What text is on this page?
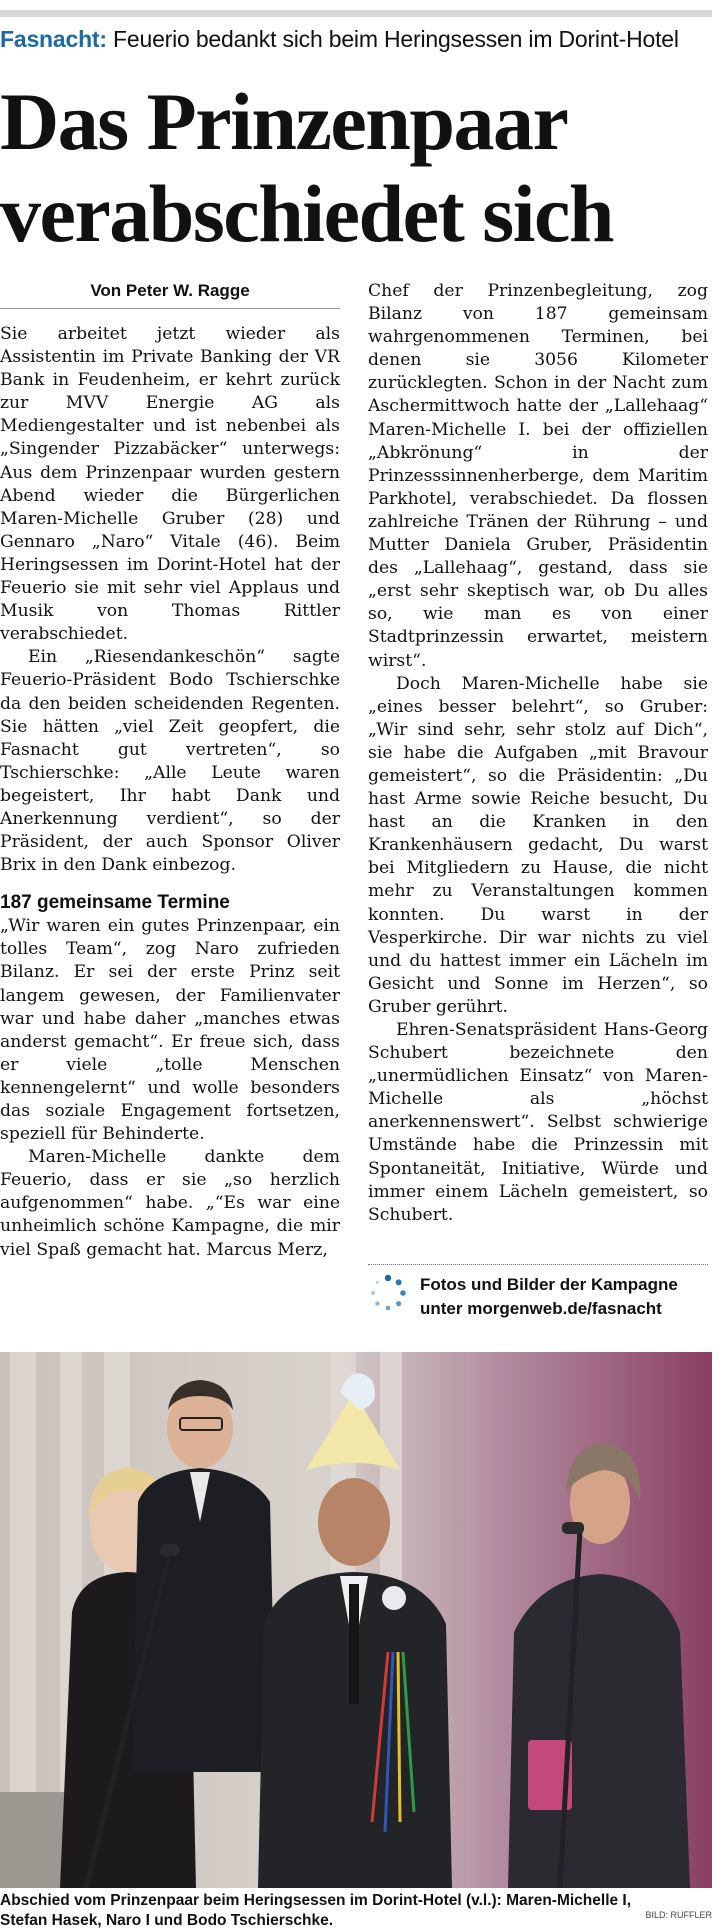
Fasnacht: Feuerio bedankt sich beim Heringsessen im Dorint-Hotel
Das Prinzenpaar
verabschiedet sich
Von Peter W. Ragge

Sie arbeitet jetzt wieder als Assistentin im Private Banking der VR Bank in Feudenheim, er kehrt zurück zur MVV Energie AG als Mediengestalter und ist nebenbei als „Singender Pizzabäcker“ unterwegs: Aus dem Prinzenpaar wurden gestern Abend wieder die Bürgerlichen Maren-Michelle Gruber (28) und Gennaro „Naro“ Vitale (46). Beim Heringsessen im Dorint-Hotel hat der Feuerio sie mit sehr viel Applaus und Musik von Thomas Rittler verabschiedet.

Ein „Riesendankeschön“ sagte Feuerio-Präsident Bodo Tschierschke da den beiden scheidenden Regenten. Sie hätten „viel Zeit geopfert, die Fasnacht gut vertreten“, so Tschierschke: „Alle Leute waren begeistert, Ihr habt Dank und Anerkennung verdient“, so der Präsident, der auch Sponsor Oliver Brix in den Dank einbezog.

187 gemeinsame Termine

„Wir waren ein gutes Prinzenpaar, ein tolles Team“, zog Naro zufrieden Bilanz. Er sei der erste Prinz seit langem gewesen, der Familienvater war und habe daher „manches etwas anderst gemacht“. Er freue sich, dass er viele „tolle Menschen kennengelernt“ und wolle besonders das soziale Engagement fortsetzen, speziell für Behinderte.

Maren-Michelle dankte dem Feuerio, dass er sie „so herzlich aufgenommen“ habe. „“Es war eine unheimlich schöne Kampagne, die mir viel Spaß gemacht hat. Marcus Merz,

Chef der Prinzenbegleitung, zog Bilanz von 187 gemeinsam wahrgenommenen Terminen, bei denen sie 3056 Kilometer zurücklegten. Schon in der Nacht zum Aschermittwoch hatte der „Lallehaag“ Maren-Michelle I. bei der offiziellen „Abkrönung“ in der Prinzesssinnenherberge, dem Maritim Parkhotel, verabschiedet. Da flossen zahlreiche Tränen der Rührung – und Mutter Daniela Gruber, Präsidentin des „Lallehaag“, gestand, dass sie „erst sehr skeptisch war, ob Du alles so, wie man es von einer Stadtprinzessin erwartet, meistern wirst“.

Doch Maren-Michelle habe sie „eines besser belehrt“, so Gruber: „Wir sind sehr, sehr stolz auf Dich“, sie habe die Aufgaben „mit Bravour gemeistert“, so die Präsidentin: „Du hast Arme sowie Reiche besucht, Du hast an die Kranken in den Krankenhäusern gedacht, Du warst bei Mitgliedern zu Hause, die nicht mehr zu Veranstaltungen kommen konnten. Du warst in der Vesperkirche. Dir war nichts zu viel und du hattest immer ein Lächeln im Gesicht und Sonne im Herzen“, so Gruber gerührt.

Ehren-Senatspräsident Hans-Georg Schubert bezeichnete den „unermüdlichen Einsatz“ von Maren-Michelle als „höchst anerkennenswert“. Selbst schwierige Umstände habe die Prinzessin mit Spontaneität, Initiative, Würde und immer einem Lächeln gemeistert, so Schubert.

Fotos und Bilder der Kampagne
unter morgenweb.de/fasnacht
Abschied vom Prinzenpaar beim Heringsessen im Dorint-Hotel (v.l.): Maren-Michelle I,
Stefan Hasek, Naro I und Bodo Tschierschke.	BILD: RUFFLER
